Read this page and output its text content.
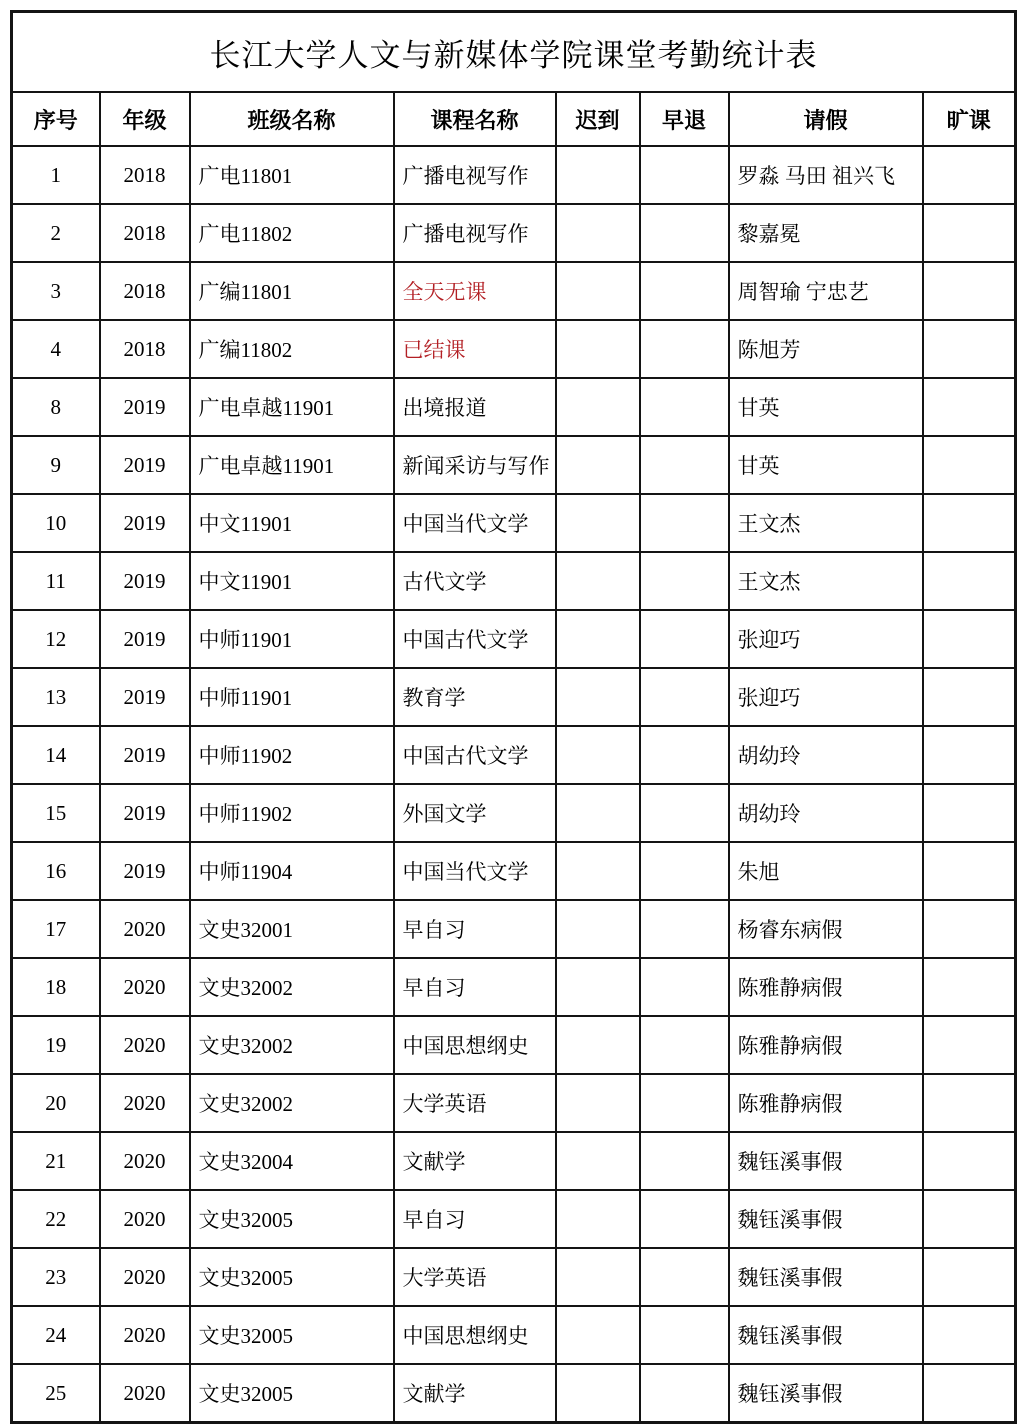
长江大学人文与新媒体学院课堂考勤统计表							
序号	年级	班级名称	课程名称	迟到	早退	请假	旷课
1	2018	广电11801	广播电视写作			罗淼 马田 祖兴飞	
2	2018	广电11802	广播电视写作			黎嘉冕	
3	2018	广编11801	全天无课			周智瑜 宁忠艺	
4	2018	广编11802	已结课			陈旭芳	
8	2019	广电卓越11901	出境报道			甘英	
9	2019	广电卓越11901	新闻采访与写作			甘英	
10	2019	中文11901	中国当代文学			王文杰	
11	2019	中文11901	古代文学			王文杰	
12	2019	中师11901	中国古代文学			张迎巧	
13	2019	中师11901	教育学			张迎巧	
14	2019	中师11902	中国古代文学			胡幼玲	
15	2019	中师11902	外国文学			胡幼玲	
16	2019	中师11904	中国当代文学			朱旭	
17	2020	文史32001	早自习			杨睿东病假	
18	2020	文史32002	早自习			陈雅静病假	
19	2020	文史32002	中国思想纲史			陈雅静病假	
20	2020	文史32002	大学英语			陈雅静病假	
21	2020	文史32004	文献学			魏钰溪事假	
22	2020	文史32005	早自习			魏钰溪事假	
23	2020	文史32005	大学英语			魏钰溪事假	
24	2020	文史32005	中国思想纲史			魏钰溪事假	
25	2020	文史32005	文献学			魏钰溪事假	
